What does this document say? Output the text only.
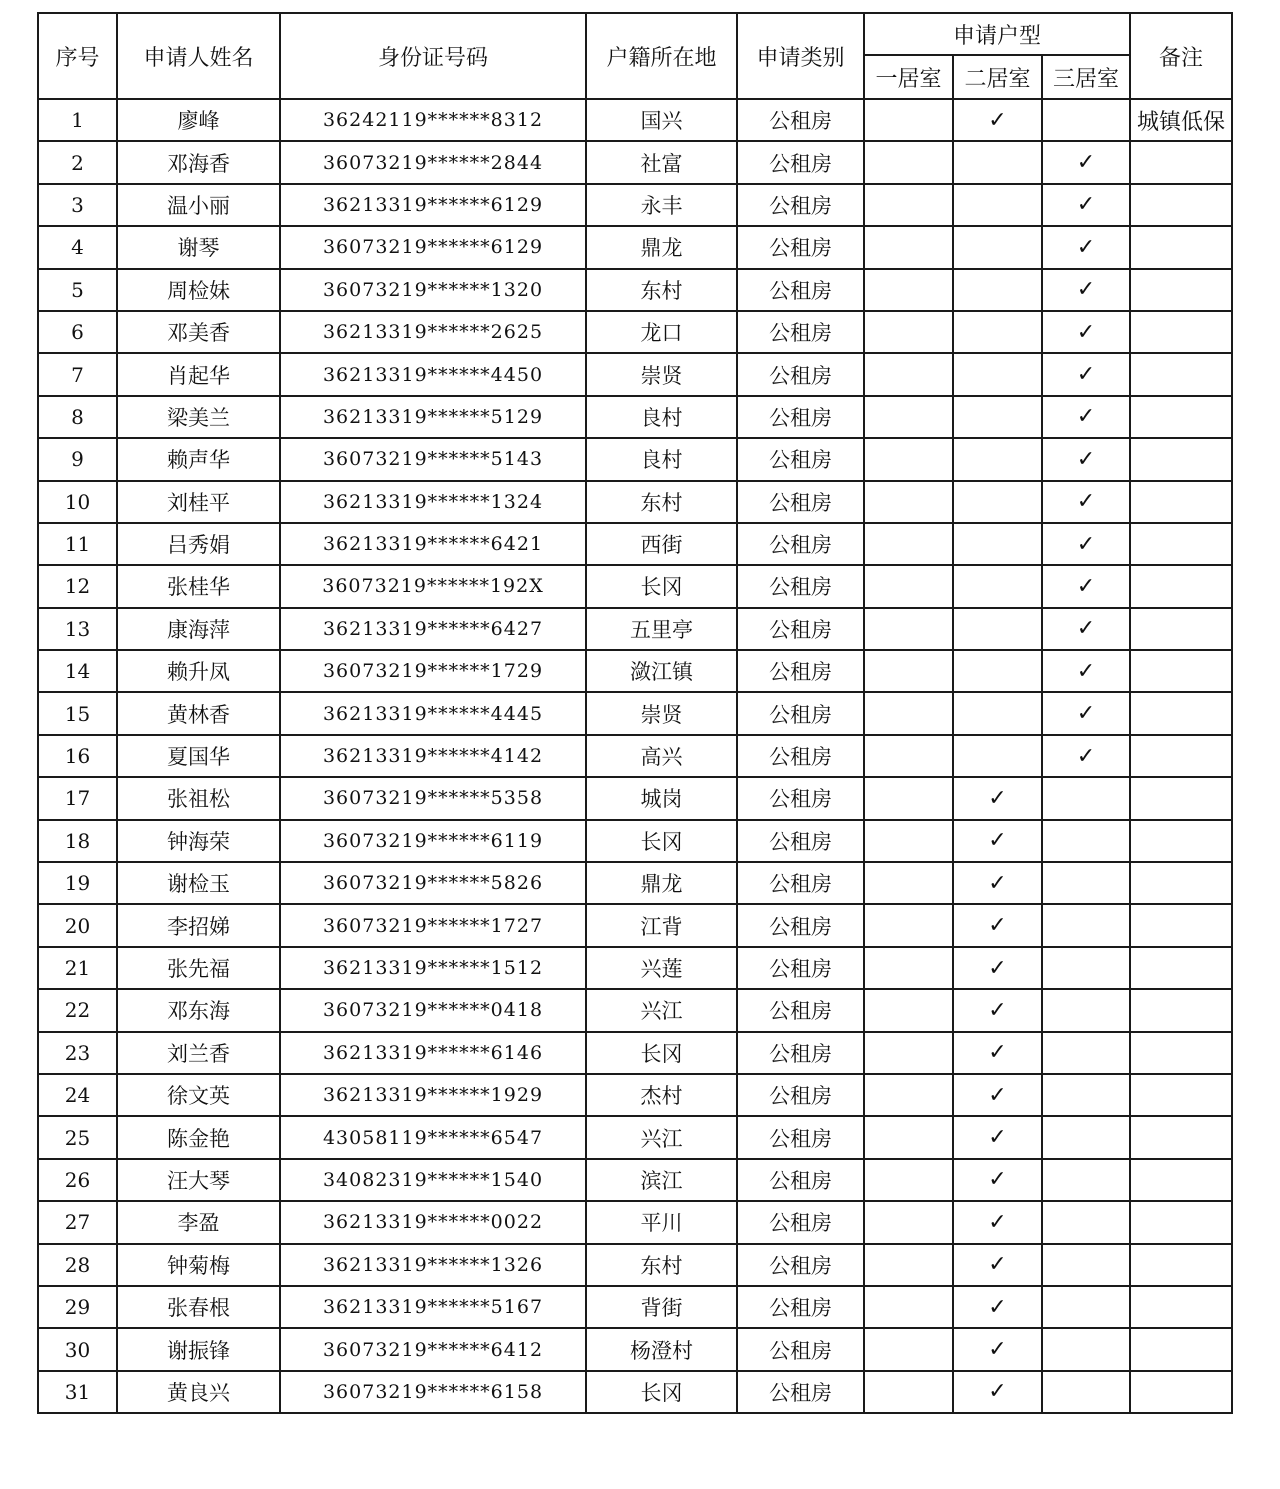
序号	申请人姓名	身份证号码	户籍所在地	申请类别	申请户型			备注
					一居室	二居室	三居室	
1	廖峰	36242119******8312	国兴	公租房		✓		城镇低保
2	邓海香	36073219******2844	社富	公租房			✓	
3	温小丽	36213319******6129	永丰	公租房			✓	
4	谢琴	36073219******6129	鼎龙	公租房			✓	
5	周检妹	36073219******1320	东村	公租房			✓	
6	邓美香	36213319******2625	龙口	公租房			✓	
7	肖起华	36213319******4450	崇贤	公租房			✓	
8	梁美兰	36213319******5129	良村	公租房			✓	
9	赖声华	36073219******5143	良村	公租房			✓	
10	刘桂平	36213319******1324	东村	公租房			✓	
11	吕秀娟	36213319******6421	西街	公租房			✓	
12	张桂华	36073219******192X	长冈	公租房			✓	
13	康海萍	36213319******6427	五里亭	公租房			✓	
14	赖升凤	36073219******1729	潋江镇	公租房			✓	
15	黄林香	36213319******4445	崇贤	公租房			✓	
16	夏国华	36213319******4142	高兴	公租房			✓	
17	张祖松	36073219******5358	城岗	公租房		✓		
18	钟海荣	36073219******6119	长冈	公租房		✓		
19	谢检玉	36073219******5826	鼎龙	公租房		✓		
20	李招娣	36073219******1727	江背	公租房		✓		
21	张先福	36213319******1512	兴莲	公租房		✓		
22	邓东海	36073219******0418	兴江	公租房		✓		
23	刘兰香	36213319******6146	长冈	公租房		✓		
24	徐文英	36213319******1929	杰村	公租房		✓		
25	陈金艳	43058119******6547	兴江	公租房		✓		
26	汪大琴	34082319******1540	滨江	公租房		✓		
27	李盈	36213319******0022	平川	公租房		✓		
28	钟菊梅	36213319******1326	东村	公租房		✓		
29	张春根	36213319******5167	背街	公租房		✓		
30	谢振锋	36073219******6412	杨澄村	公租房		✓		
31	黄良兴	36073219******6158	长冈	公租房		✓		
